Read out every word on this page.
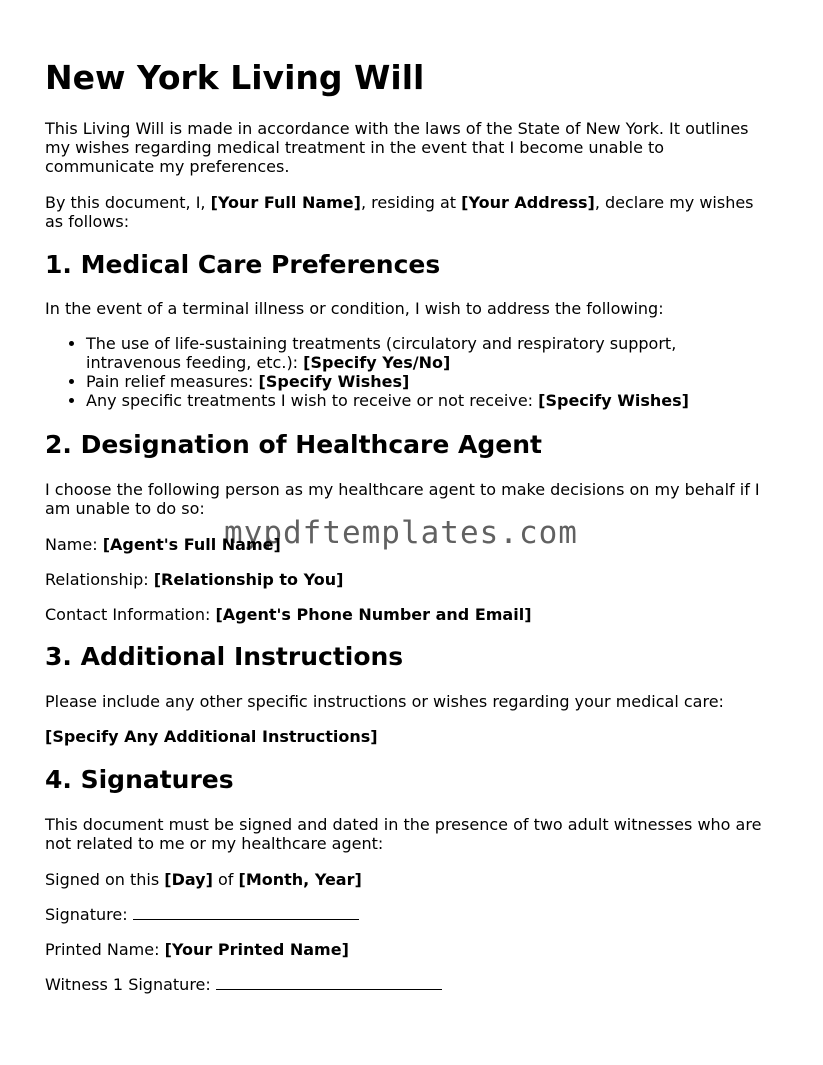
New York Living Will

This Living Will is made in accordance with the laws of the State of New York. It outlines my wishes regarding medical treatment in the event that I become unable to communicate my preferences.

By this document, I, [Your Full Name], residing at [Your Address], declare my wishes as follows:

1. Medical Care Preferences

In the event of a terminal illness or condition, I wish to address the following:

• The use of life-sustaining treatments (circulatory and respiratory support, intravenous feeding, etc.): [Specify Yes/No]
• Pain relief measures: [Specify Wishes]
• Any specific treatments I wish to receive or not receive: [Specify Wishes]
2. Designation of Healthcare Agent

I choose the following person as my healthcare agent to make decisions on my behalf if I am unable to do so:

Name: [Agent's Full Name]

Relationship: [Relationship to You]

Contact Information: [Agent's Phone Number and Email]

3. Additional Instructions

Please include any other specific instructions or wishes regarding your medical care:

[Specify Any Additional Instructions]

4. Signatures

This document must be signed and dated in the presence of two adult witnesses who are not related to me or my healthcare agent:

Signed on this [Day] of [Month, Year]

Signature:

Printed Name: [Your Printed Name]

Witness 1 Signature:

mypdftemplates.com
